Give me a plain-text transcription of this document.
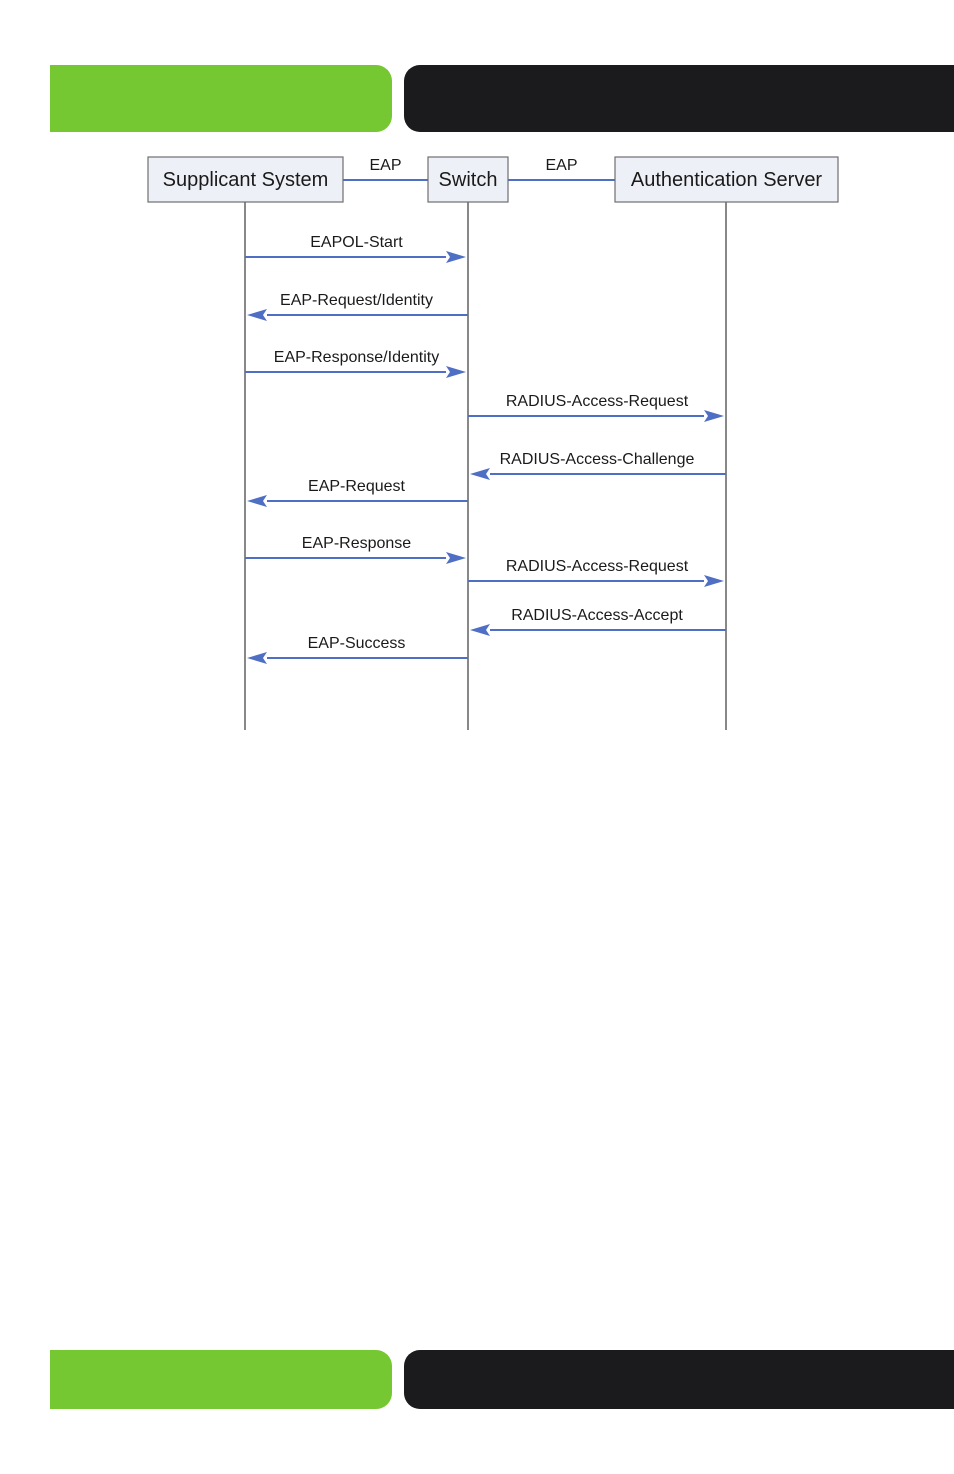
EAP	EAP
Supplicant System	Switch	Authentication Server
EAPOL-Start
EAP-Request/Identity
EAP-Response/Identity
RADIUS-Access-Request
RADIUS-Access-Challenge
EAP-Request
EAP-Response
RADIUS-Access-Request
RADIUS-Access-Accept
EAP-Success
